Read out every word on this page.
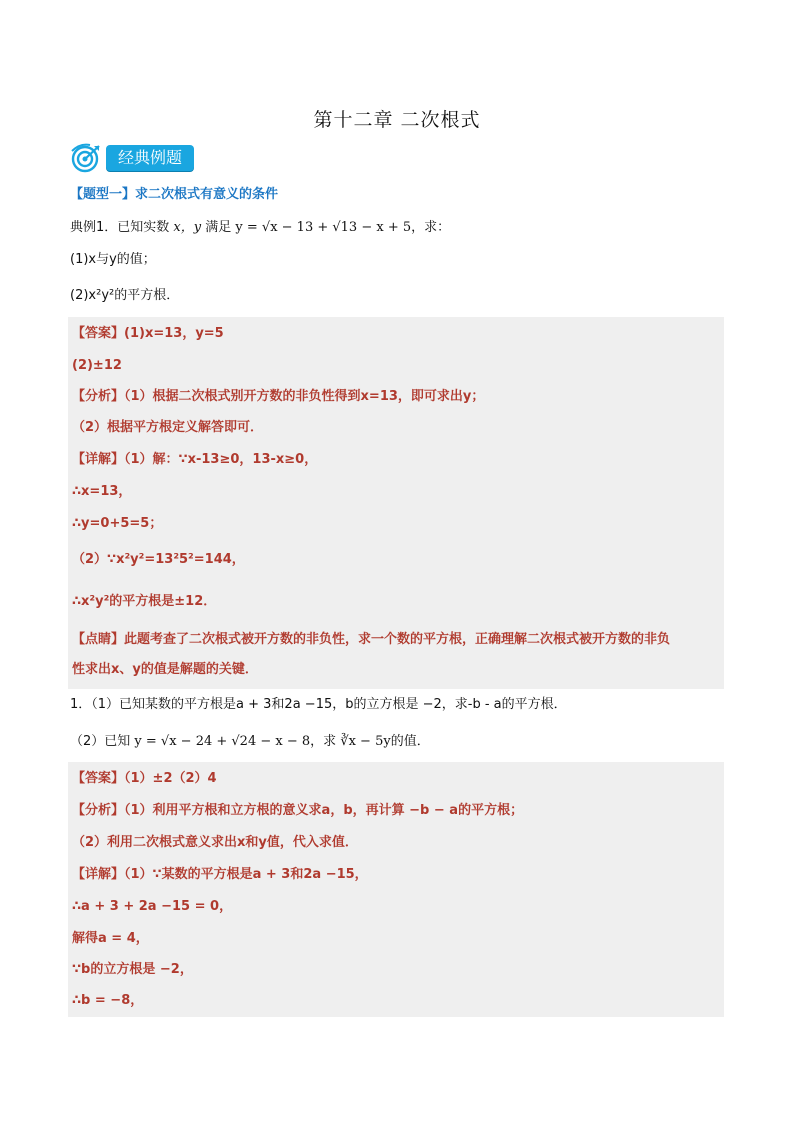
第十二章 二次根式
经典例题
【题型一】求二次根式有意义的条件
典例1．已知实数 x，y 满足 y = √x − 13 + √13 − x + 5，求：
(1)x与y的值；
(2)x²y²的平方根．
【答案】(1)x=13，y=5
(2)±12
【分析】（1）根据二次根式别开方数的非负性得到x=13，即可求出y；
（2）根据平方根定义解答即可．
【详解】（1）解：∵x-13≥0，13-x≥0，
∴x=13，
∴y=0+5=5；
（2）∵x²y²=13²5²=144，
∴x²y²的平方根是±12．
【点睛】此题考查了二次根式被开方数的非负性，求一个数的平方根，正确理解二次根式被开方数的非负
性求出x、y的值是解题的关键．
1．（1）已知某数的平方根是a + 3和2a −15，b的立方根是 −2，求-b - a的平方根．
（2）已知 y = √x − 24 + √24 − x − 8，求 ∛x − 5y的值．
【答案】（1）±2（2）4
【分析】（1）利用平方根和立方根的意义求a，b，再计算 −b − a的平方根；
（2）利用二次根式意义求出x和y值，代入求值．
【详解】（1）∵某数的平方根是a + 3和2a −15，
∴a + 3 + 2a −15 = 0，
解得a = 4，
∵b的立方根是 −2，
∴b = −8，
